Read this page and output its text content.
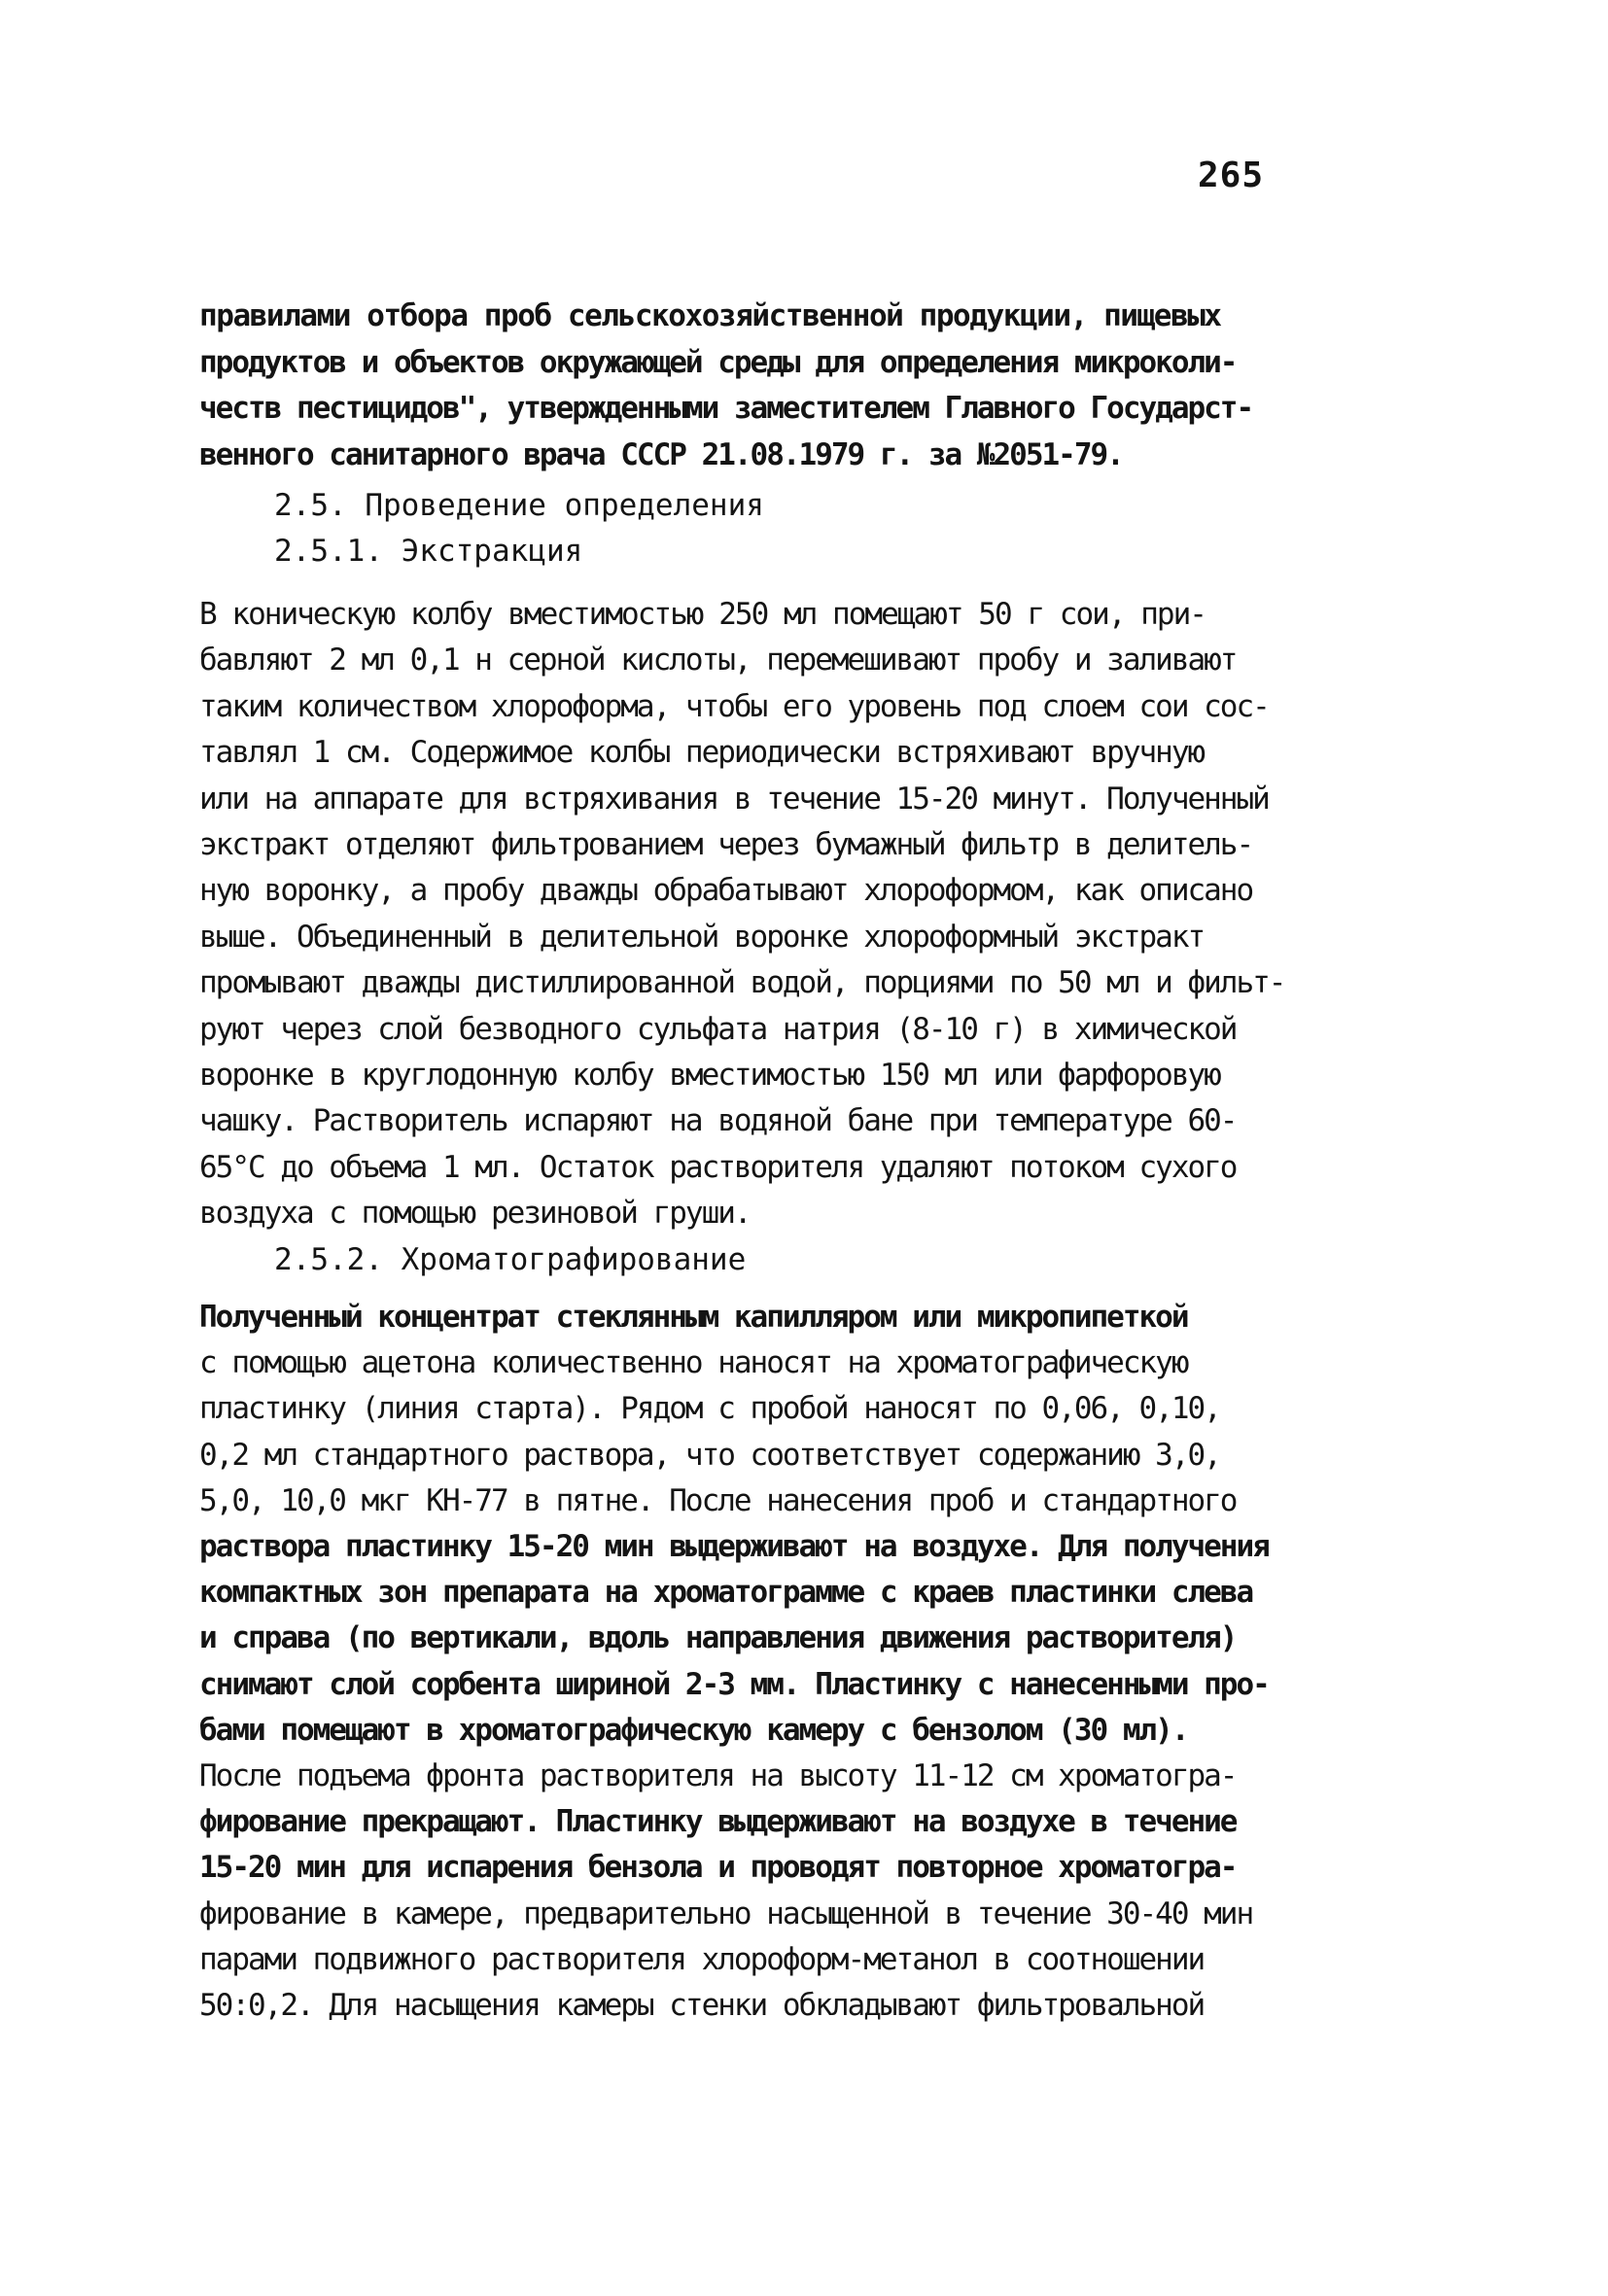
265
правилами отбора проб сельскохозяйственной продукции, пищевых
продуктов и объектов окружающей среды для определения микроколи-
честв пестицидов", утвержденными заместителем Главного Государст-
венного санитарного врача СССР 21.08.1979 г. за №2051-79.
2.5. Проведение определения
2.5.1. Экстракция
В коническую колбу вместимостью 250 мл помещают 50 г сои, при-
бавляют 2 мл 0,1 н серной кислоты, перемешивают пробу и заливают
таким количеством хлороформа, чтобы его уровень под слоем сои сос-
тавлял 1 см. Содержимое колбы периодически встряхивают вручную
или на аппарате для встряхивания в течение 15-20 минут. Полученный
экстракт отделяют фильтрованием через бумажный фильтр в делитель-
ную воронку, а пробу дважды обрабатывают хлороформом, как описано
выше. Объединенный в делительной воронке хлороформный экстракт
промывают дважды дистиллированной водой, порциями по 50 мл и фильт-
руют через слой безводного сульфата натрия (8-10 г) в химической
воронке в круглодонную колбу вместимостью 150 мл или фарфоровую
чашку. Растворитель испаряют на водяной бане при температуре 60-
65°С до объема 1 мл. Остаток растворителя удаляют потоком сухого
воздуха с помощью резиновой груши.
2.5.2. Хроматографирование
Полученный концентрат стеклянным капилляром или микропипеткой
с помощью ацетона количественно наносят на хроматографическую
пластинку (линия старта). Рядом с пробой наносят по 0,06, 0,10,
0,2 мл стандартного раствора, что соответствует содержанию 3,0,
5,0, 10,0 мкг КН-77 в пятне. После нанесения проб и стандартного
раствора пластинку 15-20 мин выдерживают на воздухе. Для получения
компактных зон препарата на хроматограмме с краев пластинки слева
и справа (по вертикали, вдоль направления движения растворителя)
снимают слой сорбента шириной 2-3 мм. Пластинку с нанесенными про-
бами помещают в хроматографическую камеру с бензолом (30 мл).
После подъема фронта растворителя на высоту 11-12 см хроматогра-
фирование прекращают. Пластинку выдерживают на воздухе в течение
15-20 мин для испарения бензола и проводят повторное хроматогра-
фирование в камере, предварительно насыщенной в течение 30-40 мин
парами подвижного растворителя хлороформ-метанол в соотношении
50:0,2. Для насыщения камеры стенки обкладывают фильтровальной
